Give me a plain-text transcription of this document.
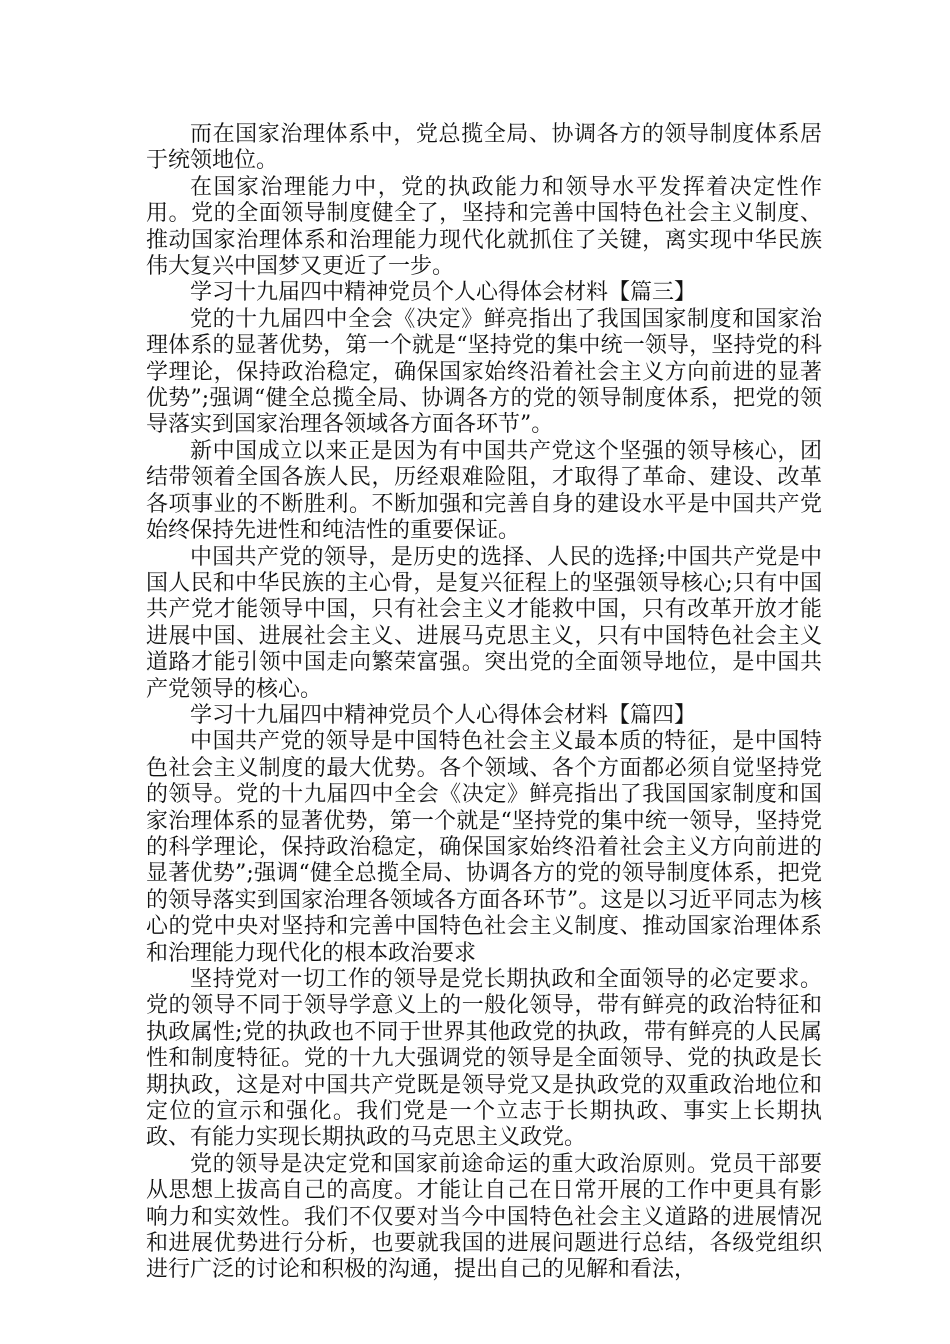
而在国家治理体系中，党总揽全局、协调各方的领导制度体系居于统领地位。

在国家治理能力中，党的执政能力和领导水平发挥着决定性作用。党的全面领导制度健全了，坚持和完善中国特色社会主义制度、推动国家治理体系和治理能力现代化就抓住了关键，离实现中华民族伟大复兴中国梦又更近了一步。

学习十九届四中精神党员个人心得体会材料【篇三】

党的十九届四中全会《决定》鲜亮指出了我国国家制度和国家治理体系的显著优势，第一个就是“坚持党的集中统一领导，坚持党的科学理论，保持政治稳定，确保国家始终沿着社会主义方向前进的显著优势”;强调“健全总揽全局、协调各方的党的领导制度体系，把党的领导落实到国家治理各领域各方面各环节”。

新中国成立以来正是因为有中国共产党这个坚强的领导核心，团结带领着全国各族人民，历经艰难险阻，才取得了革命、建设、改革各项事业的不断胜利。不断加强和完善自身的建设水平是中国共产党始终保持先进性和纯洁性的重要保证。

中国共产党的领导，是历史的选择、人民的选择;中国共产党是中国人民和中华民族的主心骨，是复兴征程上的坚强领导核心;只有中国共产党才能领导中国，只有社会主义才能救中国，只有改革开放才能进展中国、进展社会主义、进展马克思主义，只有中国特色社会主义道路才能引领中国走向繁荣富强。突出党的全面领导地位，是中国共产党领导的核心。

学习十九届四中精神党员个人心得体会材料【篇四】

中国共产党的领导是中国特色社会主义最本质的特征，是中国特色社会主义制度的最大优势。各个领域、各个方面都必须自觉坚持党的领导。党的十九届四中全会《决定》鲜亮指出了我国国家制度和国家治理体系的显著优势，第一个就是“坚持党的集中统一领导，坚持党的科学理论，保持政治稳定，确保国家始终沿着社会主义方向前进的显著优势”;强调“健全总揽全局、协调各方的党的领导制度体系，把党的领导落实到国家治理各领域各方面各环节”。这是以习近平同志为核心的党中央对坚持和完善中国特色社会主义制度、推动国家治理体系和治理能力现代化的根本政治要求

坚持党对一切工作的领导是党长期执政和全面领导的必定要求。党的领导不同于领导学意义上的一般化领导，带有鲜亮的政治特征和执政属性;党的执政也不同于世界其他政党的执政，带有鲜亮的人民属性和制度特征。党的十九大强调党的领导是全面领导、党的执政是长期执政，这是对中国共产党既是领导党又是执政党的双重政治地位和定位的宣示和强化。我们党是一个立志于长期执政、事实上长期执政、有能力实现长期执政的马克思主义政党。

党的领导是决定党和国家前途命运的重大政治原则。党员干部要从思想上拔高自己的高度。才能让自己在日常开展的工作中更具有影响力和实效性。我们不仅要对当今中国特色社会主义道路的进展情况和进展优势进行分析，也要就我国的进展问题进行总结，各级党组织进行广泛的讨论和积极的沟通，提出自己的见解和看法，
